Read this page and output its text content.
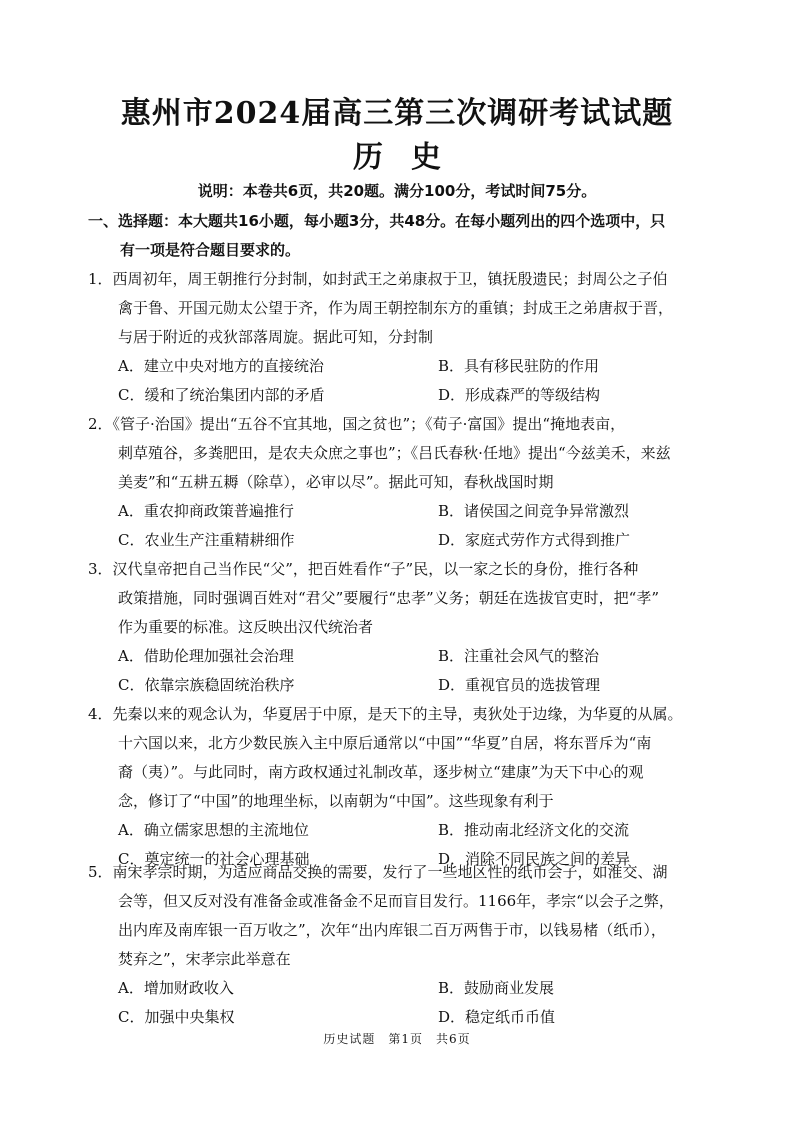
惠州市2024届高三第三次调研考试试题
历史
说明：本卷共6页，共20题。满分100分，考试时间75分。
一、选择题：本大题共16小题，每小题3分，共48分。在每小题列出的四个选项中，只
有一项是符合题目要求的。
1．西周初年，周王朝推行分封制，如封武王之弟康叔于卫，镇抚殷遗民；封周公之子伯
禽于鲁、开国元勋太公望于齐，作为周王朝控制东方的重镇；封成王之弟唐叔于晋，
与居于附近的戎狄部落周旋。据此可知，分封制
A．建立中央对地方的直接统治	B．具有移民驻防的作用
C．缓和了统治集团内部的矛盾	D．形成森严的等级结构
2．《管子·治国》提出“五谷不宜其地，国之贫也”；《荀子·富国》提出“掩地表亩，
刺草殖谷，多粪肥田，是农夫众庶之事也”；《吕氏春秋·任地》提出“今兹美禾，来兹
美麦”和“五耕五耨（除草），必审以尽”。据此可知，春秋战国时期
A．重农抑商政策普遍推行	B．诸侯国之间竞争异常激烈
C．农业生产注重精耕细作	D．家庭式劳作方式得到推广
3．汉代皇帝把自己当作民“父”，把百姓看作“子”民，以一家之长的身份，推行各种
政策措施，同时强调百姓对“君父”要履行“忠孝”义务；朝廷在选拔官吏时，把“孝”
作为重要的标准。这反映出汉代统治者
A．借助伦理加强社会治理	B．注重社会风气的整治
C．依靠宗族稳固统治秩序	D．重视官员的选拔管理
4．先秦以来的观念认为，华夏居于中原，是天下的主导，夷狄处于边缘，为华夏的从属。
十六国以来，北方少数民族入主中原后通常以“中国”“华夏”自居，将东晋斥为“南
裔（夷）”。与此同时，南方政权通过礼制改革，逐步树立“建康”为天下中心的观
念，修订了“中国”的地理坐标，以南朝为“中国”。这些现象有利于
A．确立儒家思想的主流地位	B．推动南北经济文化的交流
C．奠定统一的社会心理基础	D．消除不同民族之间的差异
5．南宋孝宗时期，为适应商品交换的需要，发行了一些地区性的纸币会子，如淮交、湖
会等，但又反对没有准备金或准备金不足而盲目发行。1166年，孝宗“以会子之弊，
出内库及南库银一百万收之”，次年“出内库银二百万两售于市，以钱易楮（纸币），
焚弃之”，宋孝宗此举意在
A．增加财政收入	B．鼓励商业发展
C．加强中央集权	D．稳定纸币币值
历史试题　第1页　共6页
